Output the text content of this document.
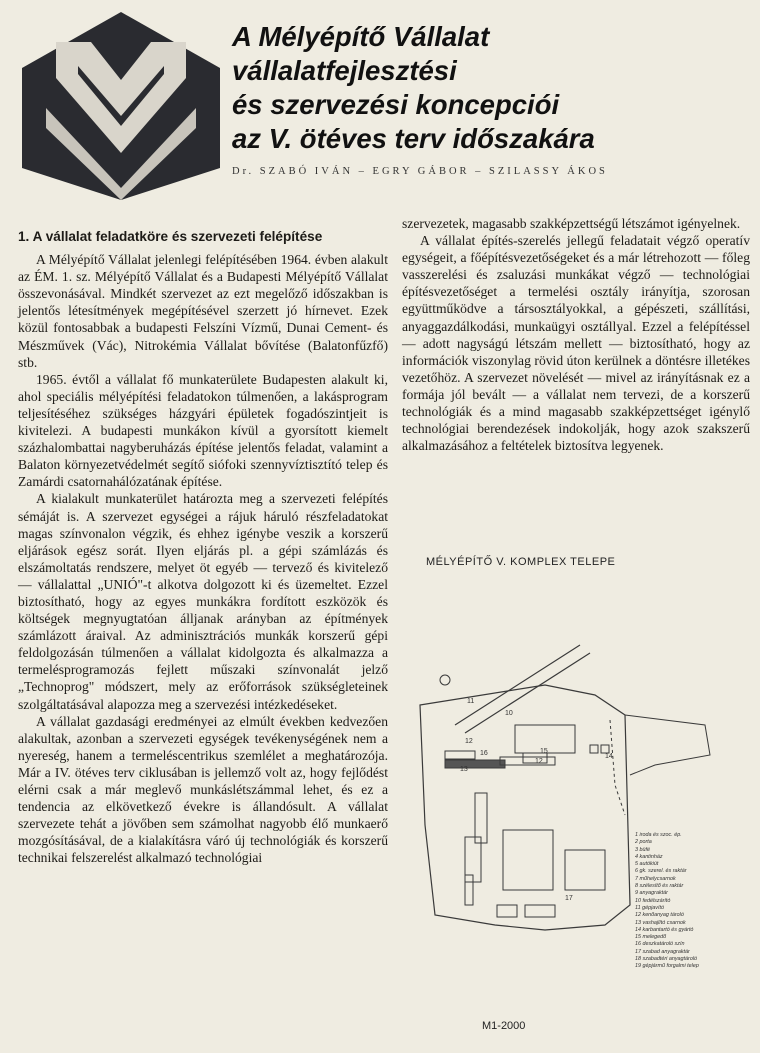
A Mélyépítő Vállalat
vállalatfejlesztési
és szervezési koncepciói
az V. ötéves terv időszakára
Dr. SZABÓ IVÁN – EGRY GÁBOR – SZILASSY ÁKOS
1. A vállalat feladatköre és szervezeti felépítése

A Mélyépítő Vállalat jelenlegi felépítésében 1964. évben alakult az ÉM. 1. sz. Mélyépítő Vállalat és a Budapesti Mélyépítő Vállalat összevonásával. Mindkét szervezet az ezt megelőző időszakban is jelentős létesítmények megépítésével szerzett jó hírnevet. Ezek közül fontosabbak a budapesti Felszíni Vízmű, Dunai Cement- és Mészművek (Vác), Nitrokémia Vállalat bővítése (Balatonfűzfő) stb.

1965. évtől a vállalat fő munkaterülete Budapesten alakult ki, ahol speciális mélyépítési feladatokon túlmenően, a lakásprogram teljesítéséhez szükséges házgyári épületek fogadószintjeit is kivitelezi. A budapesti munkákon kívül a gyorsított kiemelt százhalombattai nagyberuházás építése jelentős feladat, valamint a Balaton környezetvédelmét segítő siófoki szennyvíztisztító telep és Zamárdi csatornahálózatának építése.

A kialakult munkaterület határozta meg a szervezeti felépítés sémáját is. A szervezet egységei a rájuk háruló részfeladatokat magas színvonalon végzik, és ehhez igénybe veszik a korszerű eljárások egész sorát. Ilyen eljárás pl. a gépi számlázás és elszámoltatás rendszere, melyet öt egyéb — tervező és kivitelező — vállalattal „UNIÓ"-t alkotva dolgozott ki és üzemeltet. Ezzel biztosítható, hogy az egyes munkákra fordított eszközök és költségek megnyugtatóan álljanak arányban az építmények számlázott áraival. Az adminisztrációs munkák korszerű gépi feldolgozásán túlmenően a vállalat kidolgozta és alkalmazza a termelésprogramozás fejlett műszaki színvonalát jelző „Technoprog" módszert, mely az erőforrások szükségleteinek szolgáltatásával alapozza meg a szervezési intézkedéseket.

A vállalat gazdasági eredményei az elmúlt években kedvezően alakultak, azonban a szervezeti egységek tevékenységének nem a nyereség, hanem a termeléscentrikus szemlélet a meghatározója. Már a IV. ötéves terv ciklusában is jellemző volt az, hogy fejlődést elérni csak a már meglevő munkáslétszámmal lehet, és ez a tendencia az elkövetkező évekre is állandósult. A vállalat szervezete tehát a jövőben sem számolhat nagyobb élő munkaerő mozgósításával, de a kialakításra váró új technológiák és korszerű technikai felszerelést alkalmazó technológiai

szervezetek, magasabb szakképzettségű létszámot igényelnek.

A vállalat építés-szerelés jellegű feladatait végző operatív egységeit, a főépítésvezetőségeket és a már létrehozott — főleg vasszerelési és zsaluzási munkákat végző — technológiai építésvezetőséget a termelési osztály irányítja, szorosan együttműködve a társosztályokkal, a gépészeti, szállítási, anyaggazdálkodási, munkaügyi osztállyal. Ezzel a felépítéssel — adott nagyságú létszám mellett — biztosítható, hogy az információk viszonylag rövid úton kerülnek a döntésre illetékes vezetőhöz. A szervezet növelését — mivel az irányításnak ez a formája jól bevált — a vállalat nem tervezi, de a korszerű technológiák és a mind magasabb szakképzettséget igénylő technológiai berendezések indokolják, hogy azok szakszerű alkalmazásához a feltételek biztosítva legyenek.

MÉLYÉPÍTŐ V. KOMPLEX TELEPE
11
12
13
14
10
16	15
12
17
1 iroda és szoc. ép.
2 porta
3 büfé
4 kantinház
5 autókiút
6 gk. szerel. és raktár
7 műhelycsarnok
8 szélesítő és raktár
9 anyagraktár
10 fedélszárító
11 gépjavító
12 kenőanyag tároló
13 vashajlító csarnok
14 karbantartó és gyártó
15 melegedő
16 deszkatároló szín
17 szabad anyagraktár
18 szabadtéri anyagtároló
19 gépjármű forgalmi telep
M1-2000
